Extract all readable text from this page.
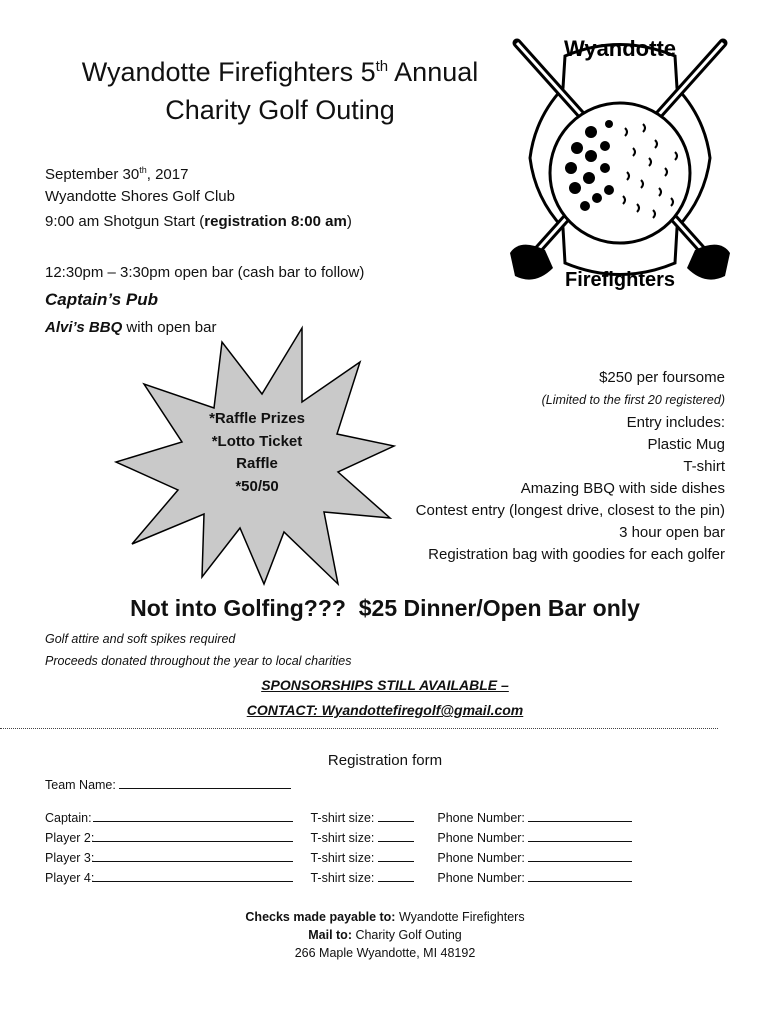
Wyandotte Firefighters 5th Annual
Charity Golf Outing
Wyandotte
Firefighters
September 30th, 2017
Wyandotte Shores Golf Club
9:00 am Shotgun Start (registration 8:00 am)
12:30pm – 3:30pm open bar (cash bar to follow)
Captain’s Pub
Alvi’s BBQ with open bar
*Raffle Prizes
*Lotto Ticket
Raffle
*50/50
$250 per foursome
(Limited to the first 20 registered)
Entry includes:
Plastic Mug
T-shirt
Amazing BBQ with side dishes
Contest entry (longest drive, closest to the pin)
3 hour open bar
Registration bag with goodies for each golfer
Not into Golfing???  $25 Dinner/Open Bar only
Golf attire and soft spikes required
Proceeds donated throughout the year to local charities
SPONSORSHIPS STILL AVAILABLE –
CONTACT: Wyandottefiregolf@gmail.com
Registration form
Team Name:
Captain:	T-shirt size:	Phone Number:
Player 2:	T-shirt size:	Phone Number:
Player 3:	T-shirt size:	Phone Number:
Player 4:	T-shirt size:	Phone Number:
Checks made payable to: Wyandotte Firefighters
Mail to: Charity Golf Outing
266 Maple Wyandotte, MI 48192
